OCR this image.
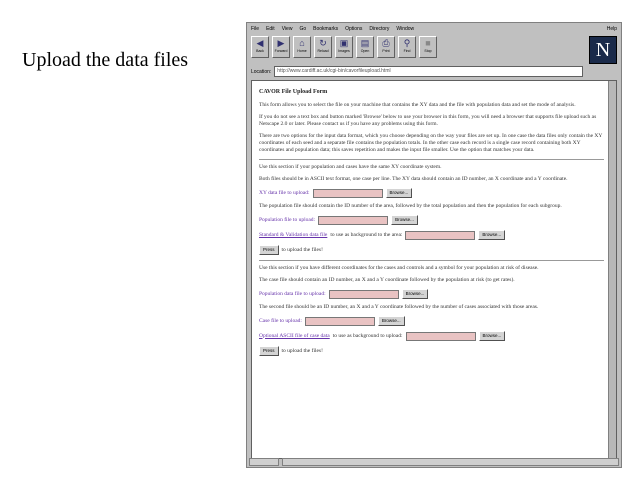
Upload the data files
File Edit View Go Bookmarks Options Directory Window	Help
◀
Back
▶
Forward
⌂
Home
↻
Reload
▣
Images
▤
Open
⎙
Print
⚲
Find
■
Stop	N
Location:	http://www.cardiff.ac.uk/cgi-bin/cavorfileupload.html
CAVOR File Upload Form

This form allows you to select the file on your machine that contains the XY data and the file with population data and set the mode of analysis.

If you do not see a text box and button marked 'Browse' below to use your browser in this form, you will need a browser that supports file upload such as Netscape 2.0 or later. Please contact us if you have any problems using this form.

There are two options for the input data format, which you choose depending on the way your files are set up. In one case the data files only contain the XY coordinates of each seed and a separate file contains the population totals. In the other case each record is a single case record containing both XY coordinates and population data; this saves repetition and makes the input file smaller. Use the option that matches your data.

Use this section if your population and cases have the same XY coordinate system.

Both files should be in ASCII text format, one case per line. The XY data should contain an ID number, an X coordinate and a Y coordinate.

XY data file to upload:	Browse...

The population file should contain the ID number of the area, followed by the total population and then the population for each subgroup.

Population file to upload:	Browse...
Standard & Validation data file to use as background to the area:	Browse...
Press	to upload the files!

Use this section if you have different coordinates for the cases and controls and a symbol for your population at risk of disease.

The case file should contain an ID number, an X and a Y coordinate followed by the population at risk (to get rates).

Population data file to upload:	Browse...

The second file should be an ID number, an X and a Y coordinate followed by the number of cases associated with those areas.

Case file to upload:	Browse...
Optional ASCII file of case data to use as background to upload:	Browse...
Press	to upload the files!
